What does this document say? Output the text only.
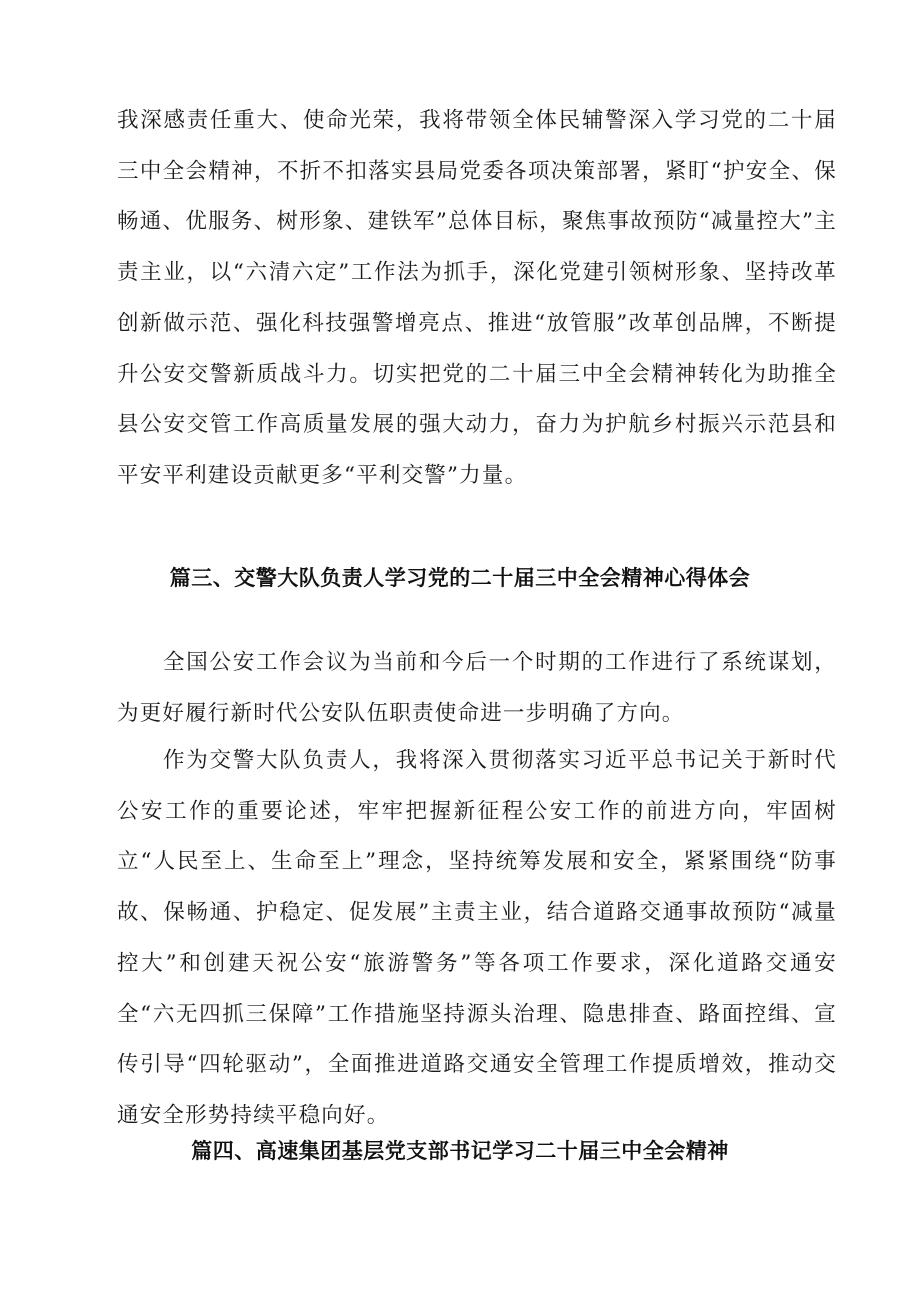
我深感责任重大、使命光荣，我将带领全体民辅警深入学习党的二十届三中全会精神，不折不扣落实县局党委各项决策部署，紧盯“护安全、保畅通、优服务、树形象、建铁军”总体目标，聚焦事故预防“减量控大”主责主业，以“六清六定”工作法为抓手，深化党建引领树形象、坚持改革创新做示范、强化科技强警增亮点、推进“放管服”改革创品牌，不断提升公安交警新质战斗力。切实把党的二十届三中全会精神转化为助推全县公安交管工作高质量发展的强大动力，奋力为护航乡村振兴示范县和平安平利建设贡献更多“平利交警”力量。

篇三、交警大队负责人学习党的二十届三中全会精神心得体会

全国公安工作会议为当前和今后一个时期的工作进行了系统谋划，为更好履行新时代公安队伍职责使命进一步明确了方向。

作为交警大队负责人，我将深入贯彻落实习近平总书记关于新时代公安工作的重要论述，牢牢把握新征程公安工作的前进方向，牢固树立“人民至上、生命至上”理念，坚持统筹发展和安全，紧紧围绕“防事故、保畅通、护稳定、促发展”主责主业，结合道路交通事故预防“减量控大”和创建天祝公安“旅游警务”等各项工作要求，深化道路交通安全“六无四抓三保障”工作措施坚持源头治理、隐患排查、路面控缉、宣传引导“四轮驱动”，全面推进道路交通安全管理工作提质增效，推动交通安全形势持续平稳向好。

篇四、高速集团基层党支部书记学习二十届三中全会精神
